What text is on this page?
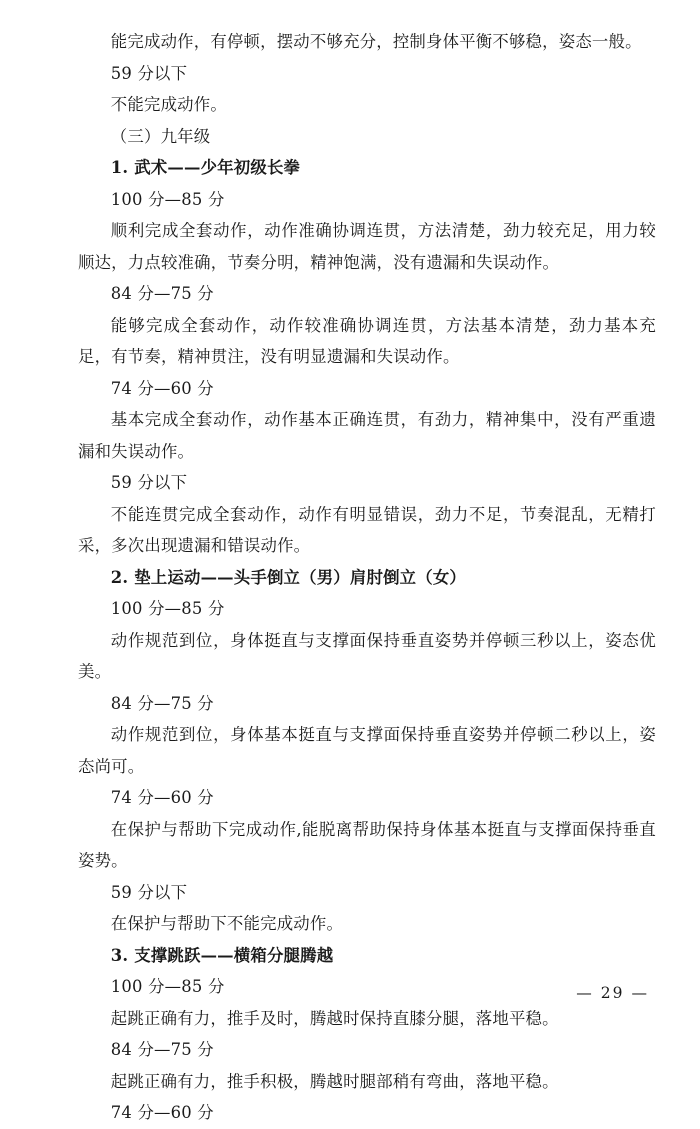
能完成动作，有停顿，摆动不够充分，控制身体平衡不够稳，姿态一般。

59 分以下

不能完成动作。

（三）九年级

1. 武术——少年初级长拳

100 分—85 分

顺利完成全套动作，动作准确协调连贯，方法清楚，劲力较充足，用力较顺达，力点较准确，节奏分明，精神饱满，没有遗漏和失误动作。

84 分—75 分

能够完成全套动作，动作较准确协调连贯，方法基本清楚，劲力基本充足，有节奏，精神贯注，没有明显遗漏和失误动作。

74 分—60 分

基本完成全套动作，动作基本正确连贯，有劲力，精神集中，没有严重遗漏和失误动作。

59 分以下

不能连贯完成全套动作，动作有明显错误，劲力不足，节奏混乱，无精打采，多次出现遗漏和错误动作。

2. 垫上运动——头手倒立（男）肩肘倒立（女）

100 分—85 分

动作规范到位，身体挺直与支撑面保持垂直姿势并停顿三秒以上，姿态优美。

84 分—75 分

动作规范到位，身体基本挺直与支撑面保持垂直姿势并停顿二秒以上，姿态尚可。

74 分—60 分

在保护与帮助下完成动作,能脱离帮助保持身体基本挺直与支撑面保持垂直姿势。

59 分以下

在保护与帮助下不能完成动作。

3. 支撑跳跃——横箱分腿腾越

100 分—85 分

起跳正确有力，推手及时，腾越时保持直膝分腿，落地平稳。

84 分—75 分

起跳正确有力，推手积极，腾越时腿部稍有弯曲，落地平稳。

74 分—60 分

— 29 —
